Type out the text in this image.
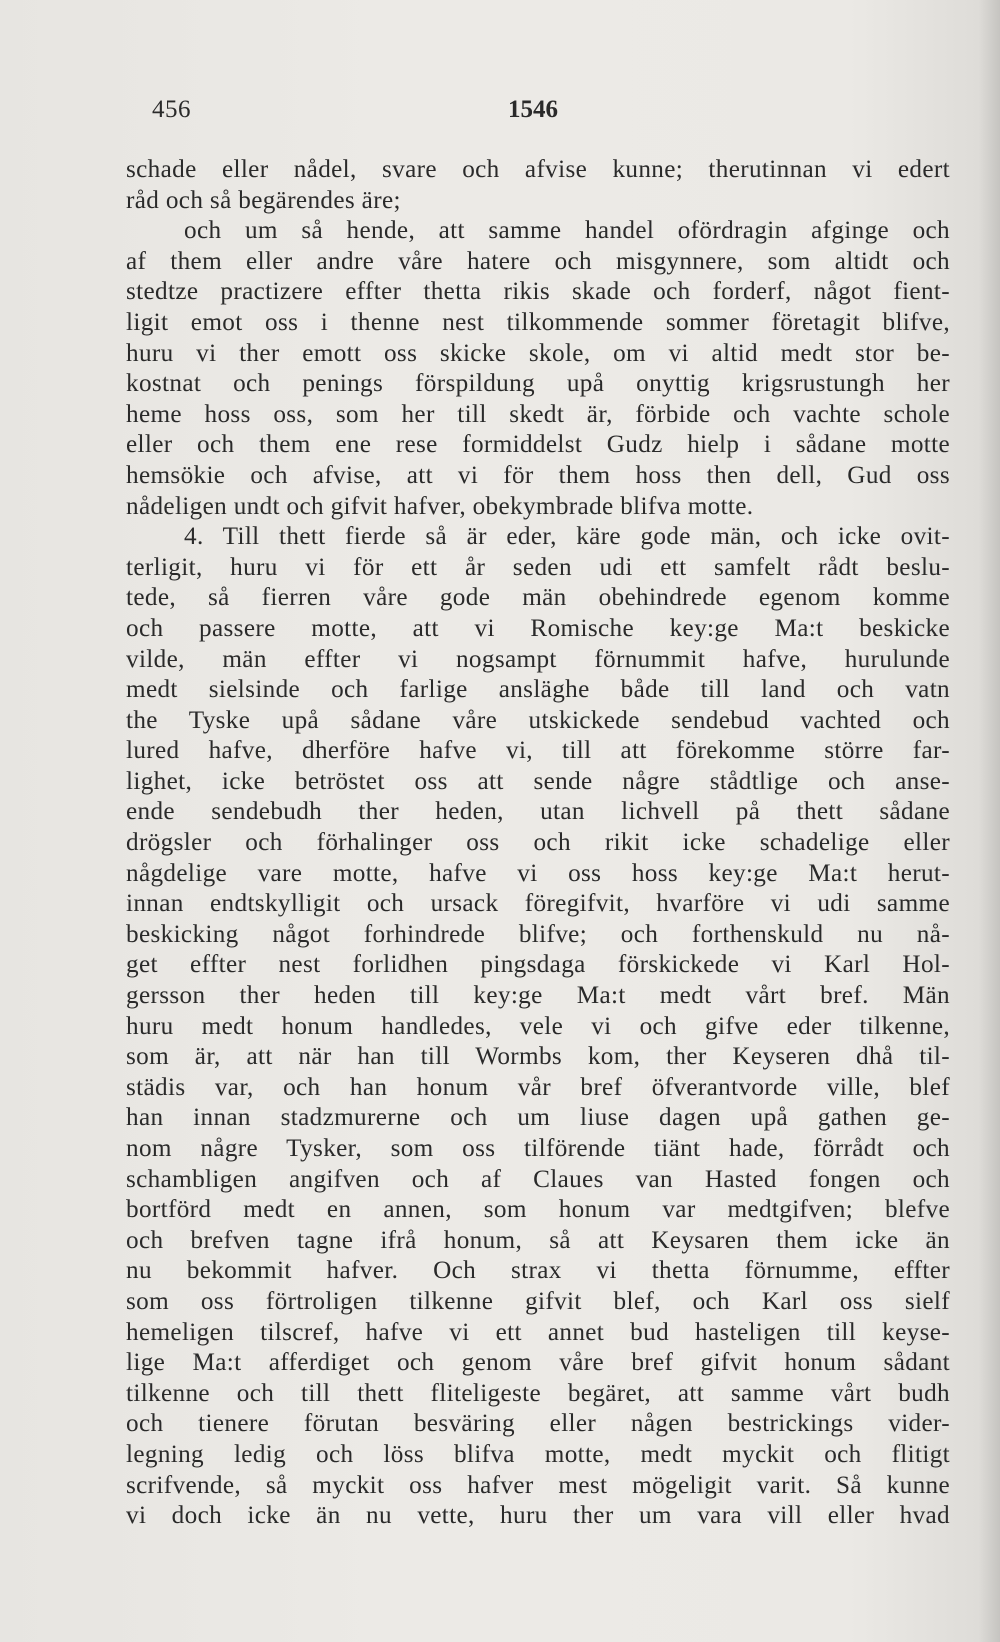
456	1546
schade eller nådel, svare och afvise kunne; therutinnan vi edert
råd och så begärendes äre;
och um så hende, att samme handel ofördragin afginge och
af them eller andre våre hatere och misgynnere, som altidt och
stedtze practizere effter thetta rikis skade och forderf, något fient-
ligit emot oss i thenne nest tilkommende sommer företagit blifve,
huru vi ther emott oss skicke skole, om vi altid medt stor be-
kostnat och penings förspildung upå onyttig krigsrustungh her
heme hoss oss, som her till skedt är, förbide och vachte schole
eller och them ene rese formiddelst Gudz hielp i sådane motte
hemsökie och afvise, att vi för them hoss then dell, Gud oss
nådeligen undt och gifvit hafver, obekymbrade blifva motte.
4. Till thett fierde så är eder, käre gode män, och icke ovit-
terligit, huru vi för ett år seden udi ett samfelt rådt beslu-
tede, så fierren våre gode män obehindrede egenom komme
och passere motte, att vi Romische key:ge Ma:t beskicke
vilde, män effter vi nogsampt förnummit hafve, hurulunde
medt sielsinde och farlige ansläghe både till land och vatn
the Tyske upå sådane våre utskickede sendebud vachted och
lured hafve, dherföre hafve vi, till att förekomme större far-
lighet, icke betröstet oss att sende någre stådtlige och anse-
ende sendebudh ther heden, utan lichvell på thett sådane
drögsler och förhalinger oss och rikit icke schadelige eller
någdelige vare motte, hafve vi oss hoss key:ge Ma:t herut-
innan endtskylligit och ursack föregifvit, hvarföre vi udi samme
beskicking något forhindrede blifve; och forthenskuld nu nå-
get effter nest forlidhen pingsdaga förskickede vi Karl Hol-
gersson ther heden till key:ge Ma:t medt vårt bref. Män
huru medt honum handledes, vele vi och gifve eder tilkenne,
som är, att när han till Wormbs kom, ther Keyseren dhå til-
städis var, och han honum vår bref öfverantvorde ville, blef
han innan stadzmurerne och um liuse dagen upå gathen ge-
nom någre Tysker, som oss tilförende tiänt hade, förrådt och
schambligen angifven och af Claues van Hasted fongen och
bortförd medt en annen, som honum var medtgifven; blefve
och brefven tagne ifrå honum, så att Keysaren them icke än
nu bekommit hafver. Och strax vi thetta förnumme, effter
som oss förtroligen tilkenne gifvit blef, och Karl oss sielf
hemeligen tilscref, hafve vi ett annet bud hasteligen till keyse-
lige Ma:t afferdiget och genom våre bref gifvit honum sådant
tilkenne och till thett fliteligeste begäret, att samme vårt budh
och tienere förutan besväring eller någen bestrickings vider-
legning ledig och löss blifva motte, medt myckit och flitigt
scrifvende, så myckit oss hafver mest mögeligit varit. Så kunne
vi doch icke än nu vette, huru ther um vara vill eller hvad
